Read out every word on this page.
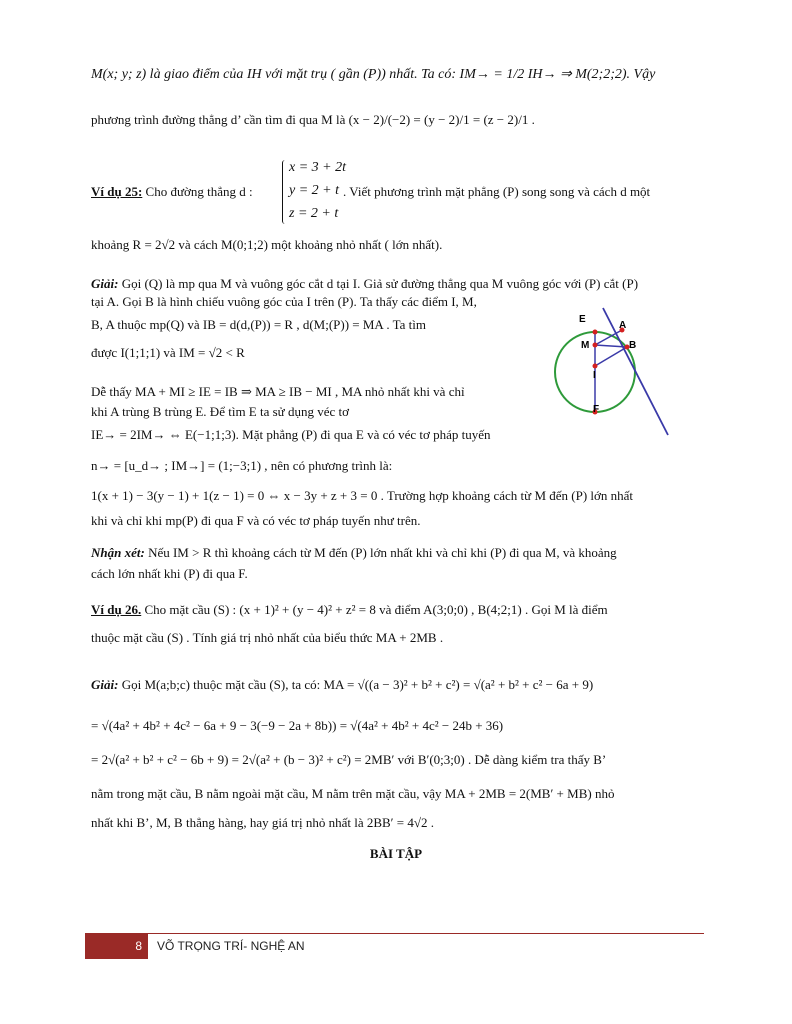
M(x; y; z) là giao điểm của IH với mặt trụ ( gần (P)) nhất. Ta có: IM→ = 1/2 IH→ ⇒ M(2;2;2). Vậy
phương trình đường thẳng d’ cần tìm đi qua M là (x − 2)/(−2) = (y − 2)/1 = (z − 2)/1 .
Ví dụ 25: Cho đường thẳng d :
x = 3 + 2t
y = 2 + t
z = 2 + t
. Viết phương trình mặt phẳng (P) song song và cách d một
khoảng R = 2√2 và cách M(0;1;2) một khoảng nhỏ nhất ( lớn nhất).
Giải: Gọi (Q) là mp qua M và vuông góc cắt d tại I. Giả sử đường thẳng qua M vuông góc với (P) cắt (P)
tại A. Gọi B là hình chiếu vuông góc của I trên (P). Ta thấy các điểm I, M,
B, A thuộc mp(Q) và IB = d(d,(P)) = R , d(M;(P)) = MA . Ta tìm
được I(1;1;1) và IM = √2 < R
Dễ thấy MA + MI ≥ IE = IB ⇒ MA ≥ IB − MI , MA nhỏ nhất khi và chỉ
khi A trùng B trùng E. Để tìm E ta sử dụng véc tơ
IE→ = 2IM→ ⇔ E(−1;1;3). Mặt phẳng (P) đi qua E và có véc tơ pháp tuyến
n→ = [u_d→ ; IM→] = (1;−3;1) , nên có phương trình là:
1(x + 1) − 3(y − 1) + 1(z − 1) = 0 ⇔ x − 3y + z + 3 = 0 . Trường hợp khoảng cách từ M đến (P) lớn nhất
khi và chỉ khi mp(P) đi qua F và có véc tơ pháp tuyến như trên.
Nhận xét: Nếu IM > R thì khoảng cách từ M đến (P) lớn nhất khi và chỉ khi (P) đi qua M, và khoảng
cách lớn nhất khi (P) đi qua F.
Ví dụ 26. Cho mặt cầu (S) : (x + 1)² + (y − 4)² + z² = 8 và điểm A(3;0;0) , B(4;2;1) . Gọi M là điểm
thuộc mặt cầu (S) . Tính giá trị nhỏ nhất của biểu thức MA + 2MB .
Giải: Gọi M(a;b;c) thuộc mặt cầu (S), ta có: MA = √((a − 3)² + b² + c²) = √(a² + b² + c² − 6a + 9)
= √(4a² + 4b² + 4c² − 6a + 9 − 3(−9 − 2a + 8b)) = √(4a² + 4b² + 4c² − 24b + 36)
= 2√(a² + b² + c² − 6b + 9) = 2√(a² + (b − 3)² + c²) = 2MB′ với B′(0;3;0) . Dễ dàng kiểm tra thấy B’
nằm trong mặt cầu, B nằm ngoài mặt cầu, M nằm trên mặt cầu, vậy MA + 2MB = 2(MB′ + MB) nhỏ
nhất khi B’, M, B thẳng hàng, hay giá trị nhỏ nhất là 2BB′ = 4√2 .
BÀI TẬP
E
A
M	B
I
F
8	VÕ TRỌNG TRÍ- NGHỆ AN
